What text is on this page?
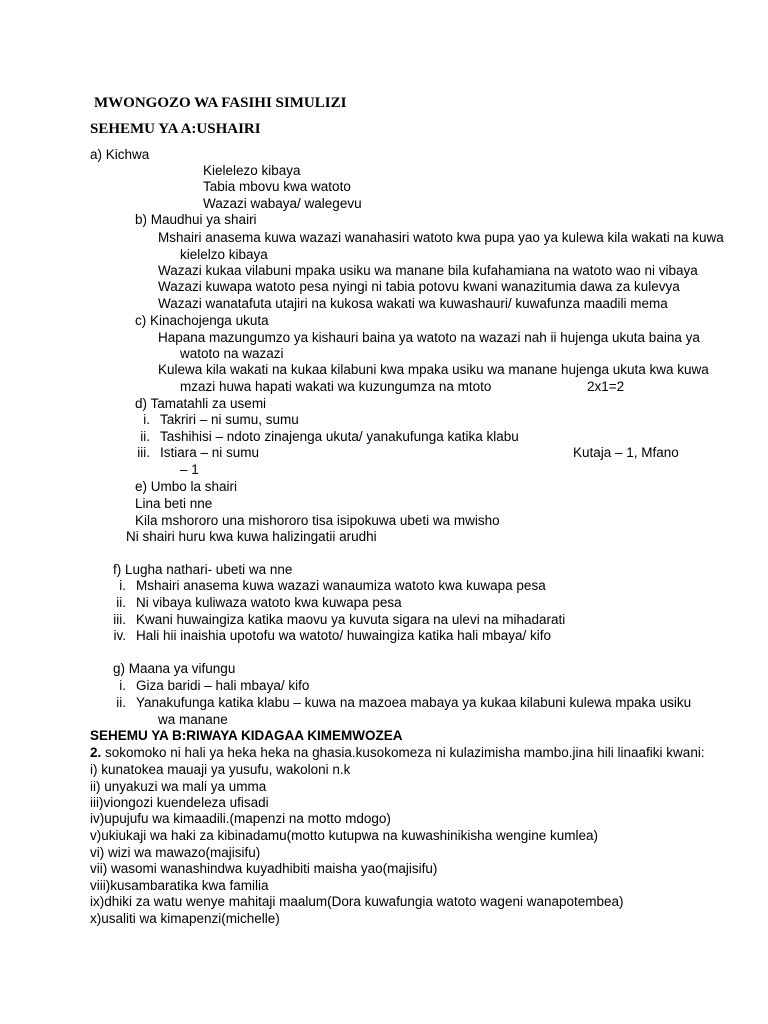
MWONGOZO WA FASIHI SIMULIZI
SEHEMU YA A:USHAIRI
a) Kichwa
Kielelezo kibaya
Tabia mbovu kwa watoto
Wazazi wabaya/ walegevu
b) Maudhui ya shairi
Mshairi anasema kuwa wazazi wanahasiri watoto kwa pupa yao ya kulewa kila wakati na kuwa
kielelzo kibaya
Wazazi kukaa vilabuni mpaka usiku wa manane bila kufahamiana na watoto wao ni vibaya
Wazazi kuwapa watoto pesa nyingi ni tabia potovu kwani wanazitumia dawa za kulevya
Wazazi wanatafuta utajiri na kukosa wakati wa kuwashauri/ kuwafunza maadili mema
c) Kinachojenga ukuta
Hapana mazungumzo ya kishauri baina ya watoto na wazazi nah ii hujenga ukuta baina ya
watoto na wazazi
Kulewa kila wakati na kukaa kilabuni kwa mpaka usiku wa manane hujenga ukuta kwa kuwa
mzazi huwa hapati wakati wa kuzungumza na mtoto	2x1=2
d) Tamatahli za usemi
i. Takriri – ni sumu, sumu
ii. Tashihisi – ndoto zinajenga ukuta/ yanakufunga katika klabu
iii. Istiara – ni sumu	Kutaja – 1, Mfano
– 1
e) Umbo la shairi
Lina beti nne
Kila mshororo una mishororo tisa isipokuwa ubeti wa mwisho
Ni shairi huru kwa kuwa halizingatii arudhi
f) Lugha nathari- ubeti wa nne
i. Mshairi anasema kuwa wazazi wanaumiza watoto kwa kuwapa pesa
ii. Ni vibaya kuliwaza watoto kwa kuwapa pesa
iii. Kwani huwaingiza katika maovu ya kuvuta sigara na ulevi na mihadarati
iv. Hali hii inaishia upotofu wa watoto/ huwaingiza katika hali mbaya/ kifo
g) Maana ya vifungu
i. Giza baridi – hali mbaya/ kifo
ii. Yanakufunga katika klabu – kuwa na mazoea mabaya ya kukaa kilabuni kulewa mpaka usiku
wa manane
SEHEMU YA B:RIWAYA KIDAGAA KIMEMWOZEA
2. sokomoko ni hali ya heka heka na ghasia.kusokomeza ni kulazimisha mambo.jina hili linaafiki kwani:
i) kunatokea mauaji ya yusufu, wakoloni n.k
ii) unyakuzi wa mali ya umma
iii)viongozi kuendeleza ufisadi
iv)upujufu wa kimaadili.(mapenzi na motto mdogo)
v)ukiukaji wa haki za kibinadamu(motto kutupwa na kuwashinikisha wengine kumlea)
vi) wizi wa mawazo(majisifu)
vii) wasomi wanashindwa kuyadhibiti maisha yao(majisifu)
viii)kusambaratika kwa familia
ix)dhiki za watu wenye mahitaji maalum(Dora kuwafungia watoto wageni wanapotembea)
x)usaliti wa kimapenzi(michelle)
